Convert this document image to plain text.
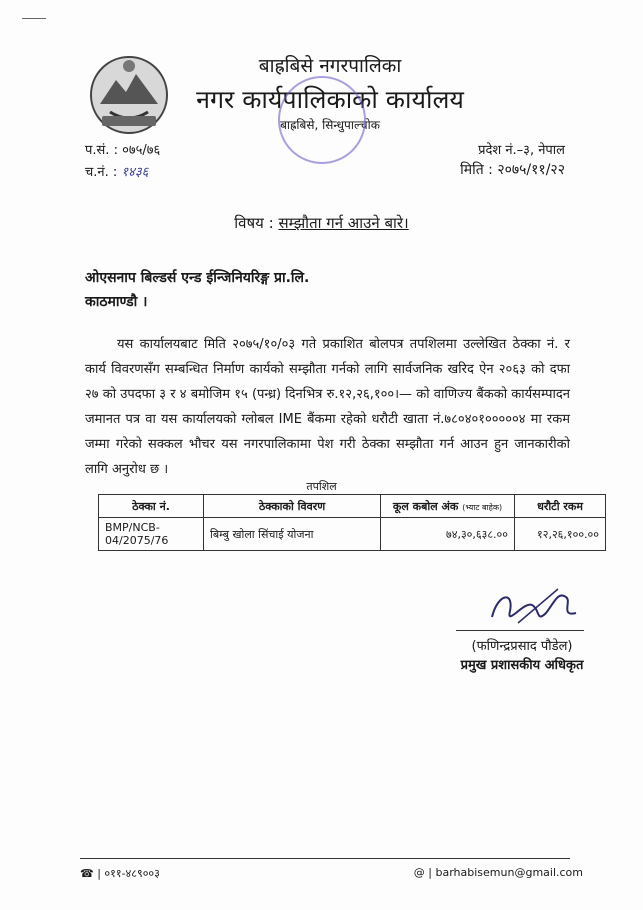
बाह्रबिसे नगरपालिका
नगर कार्यपालिकाको कार्यालय
बाह्रबिसे, सिन्धुपाल्चोक
प.सं. : ०७५/७६
च.नं. : १४३६
प्रदेश नं.–३, नेपाल
मिति : २०७५/११/२२
विषय : सम्झौता गर्न आउने बारे।
ओएसनाप बिल्डर्स एन्ड ईन्जिनियरिङ्ग प्रा.लि.
काठमाण्डौ ।
यस कार्यालयबाट मिति २०७५/१०/०३ गते प्रकाशित बोलपत्र तपशिलमा उल्लेखित ठेक्का नं. र कार्य विवरणसँग सम्बन्धित निर्माण कार्यको सम्झौता गर्नको लागि सार्वजनिक खरिद ऐन २०६३ को दफा २७ को उपदफा ३ र ४ बमोजिम १५ (पन्ध्र) दिनभित्र रु.१२,२६,१००।— को वाणिज्य बैंकको कार्यसम्पादन जमानत पत्र वा यस कार्यालयको ग्लोबल IME बैंकमा रहेको धरौटी खाता नं.७८०४०१०००००४ मा रकम जम्मा गरेको सक्कल भौचर यस नगरपालिकामा पेश गरी ठेक्का सम्झौता गर्न आउन हुन जानकारीको लागि अनुरोध छ ।
तपशिल
ठेक्का नं.	ठेक्काको विवरण	कूल कबोल अंक (भ्याट बाहेक)	धरौटी रकम
BMP/NCB-04/2075/76	बिम्बु खोला सिंचाई योजना	७४,३०,६३८.००	१२,२६,१००.००
(फणिन्द्रप्रसाद पौडेल)
प्रमुख प्रशासकीय अधिकृत
☎ | ०११-४८९००३	@ | barhabisemun@gmail.com
